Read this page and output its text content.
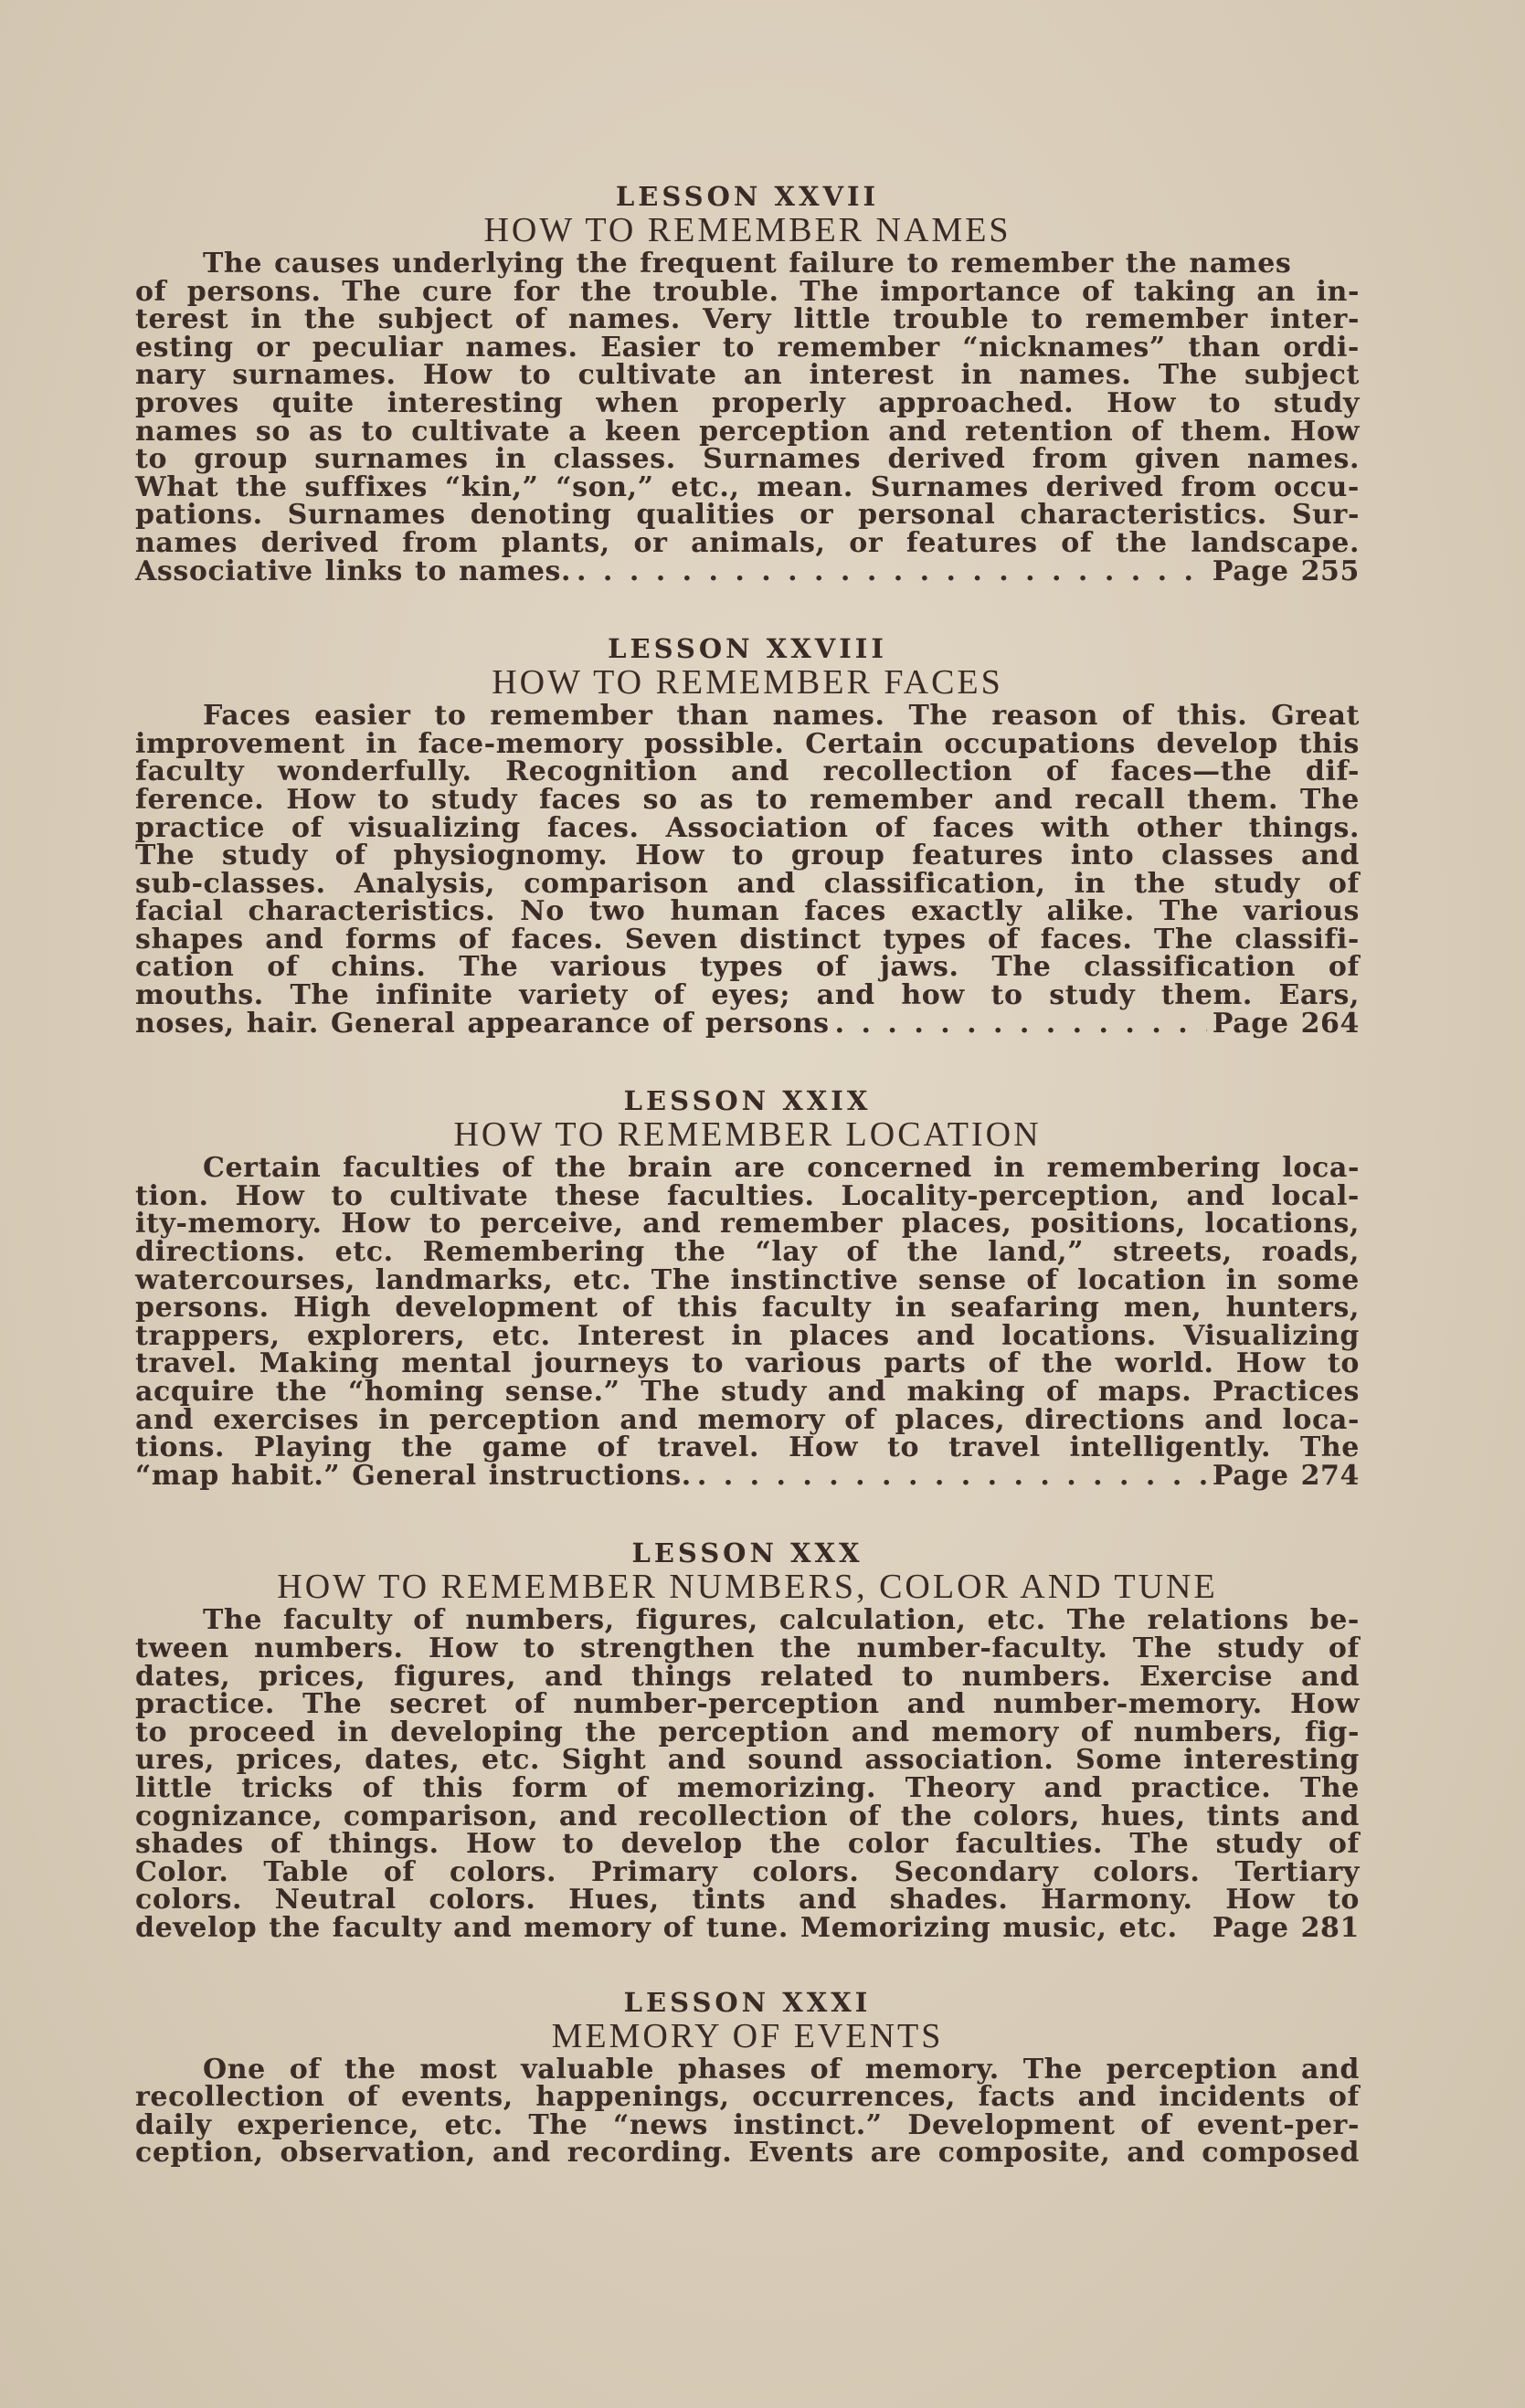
LESSON XXVII
HOW TO REMEMBER NAMES

The causes underlying the frequent failure to remember the names

of persons. The cure for the trouble. The importance of taking an in-

terest in the subject of names. Very little trouble to remember inter-

esting or peculiar names. Easier to remember “nicknames” than ordi-

nary surnames. How to cultivate an interest in names. The subject

proves quite interesting when properly approached. How to study

names so as to cultivate a keen perception and retention of them. How

to group surnames in classes. Surnames derived from given names.

What the suffixes “kin,” “son,” etc., mean. Surnames derived from occu-

pations. Surnames denoting qualities or personal characteristics. Sur-

names derived from plants, or animals, or features of the landscape.

Associative links to names. . . .	Page 255
LESSON XXVIII
HOW TO REMEMBER FACES

Faces easier to remember than names. The reason of this. Great

improvement in face-memory possible. Certain occupations develop this

faculty wonderfully. Recognition and recollection of faces—the dif-

ference. How to study faces so as to remember and recall them. The

practice of visualizing faces. Association of faces with other things.

The study of physiognomy. How to group features into classes and

sub-classes. Analysis, comparison and classification, in the study of

facial characteristics. No two human faces exactly alike. The various

shapes and forms of faces. Seven distinct types of faces. The classifi-

cation of chins. The various types of jaws. The classification of

mouths. The infinite variety of eyes; and how to study them. Ears,

noses, hair. General appearance of persons . . .	Page 264
LESSON XXIX
HOW TO REMEMBER LOCATION

Certain faculties of the brain are concerned in remembering loca-

tion. How to cultivate these faculties. Locality-perception, and local-

ity-memory. How to perceive, and remember places, positions, locations,

directions. etc. Remembering the “lay of the land,” streets, roads,

watercourses, landmarks, etc. The instinctive sense of location in some

persons. High development of this faculty in seafaring men, hunters,

trappers, explorers, etc. Interest in places and locations. Visualizing

travel. Making mental journeys to various parts of the world. How to

acquire the “homing sense.” The study and making of maps. Practices

and exercises in perception and memory of places, directions and loca-

tions. Playing the game of travel. How to travel intelligently. The

“map habit.” General instructions. . . .	Page 274
LESSON XXX
HOW TO REMEMBER NUMBERS, COLOR AND TUNE

The faculty of numbers, figures, calculation, etc. The relations be-

tween numbers. How to strengthen the number-faculty. The study of

dates, prices, figures, and things related to numbers. Exercise and

practice. The secret of number-perception and number-memory. How

to proceed in developing the perception and memory of numbers, fig-

ures, prices, dates, etc. Sight and sound association. Some interesting

little tricks of this form of memorizing. Theory and practice. The

cognizance, comparison, and recollection of the colors, hues, tints and

shades of things. How to develop the color faculties. The study of

Color. Table of colors. Primary colors. Secondary colors. Tertiary

colors. Neutral colors. Hues, tints and shades. Harmony. How to

develop the faculty and memory of tune. Memorizing music, etc. Page 281
LESSON XXXI
MEMORY OF EVENTS

One of the most valuable phases of memory. The perception and

recollection of events, happenings, occurrences, facts and incidents of

daily experience, etc. The “news instinct.” Development of event-per-

ception, observation, and recording. Events are composite, and composed
